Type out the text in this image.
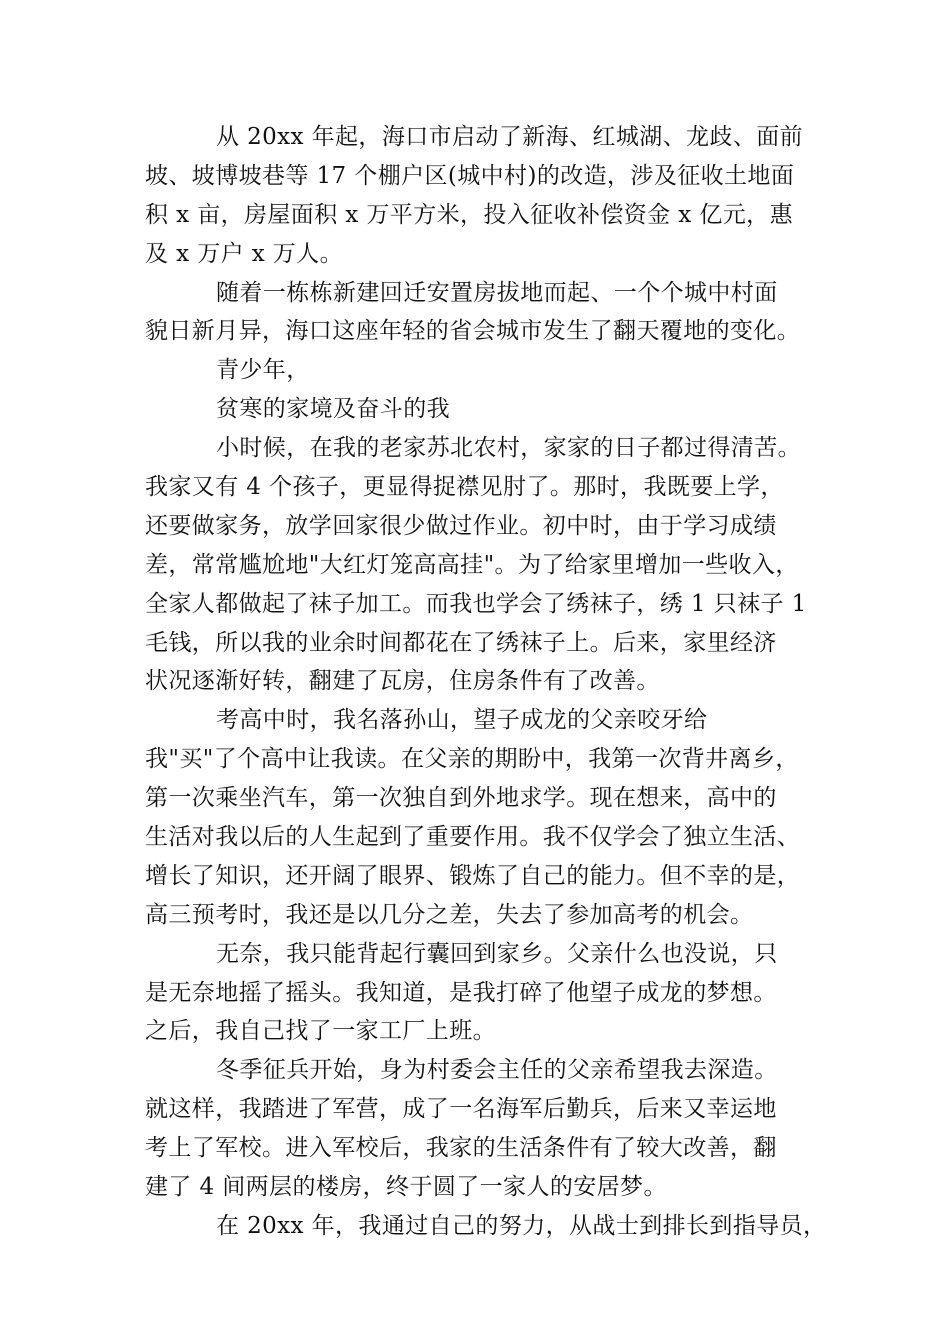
从 20xx 年起，海口市启动了新海、红城湖、龙歧、面前
坡、坡博坡巷等 17 个棚户区(城中村)的改造，涉及征收土地面
积 x 亩，房屋面积 x 万平方米，投入征收补偿资金 x 亿元，惠
及 x 万户 x 万人。
随着一栋栋新建回迁安置房拔地而起、一个个城中村面
貌日新月异，海口这座年轻的省会城市发生了翻天覆地的变化。
青少年，
贫寒的家境及奋斗的我
小时候，在我的老家苏北农村，家家的日子都过得清苦。
我家又有 4 个孩子，更显得捉襟见肘了。那时，我既要上学，
还要做家务，放学回家很少做过作业。初中时，由于学习成绩
差，常常尴尬地"大红灯笼高高挂"。为了给家里增加一些收入，
全家人都做起了袜子加工。而我也学会了绣袜子，绣 1 只袜子 1
毛钱，所以我的业余时间都花在了绣袜子上。后来，家里经济
状况逐渐好转，翻建了瓦房，住房条件有了改善。
考高中时，我名落孙山，望子成龙的父亲咬牙给
我"买"了个高中让我读。在父亲的期盼中，我第一次背井离乡，
第一次乘坐汽车，第一次独自到外地求学。现在想来，高中的
生活对我以后的人生起到了重要作用。我不仅学会了独立生活、
增长了知识，还开阔了眼界、锻炼了自己的能力。但不幸的是，
高三预考时，我还是以几分之差，失去了参加高考的机会。
无奈，我只能背起行囊回到家乡。父亲什么也没说，只
是无奈地摇了摇头。我知道，是我打碎了他望子成龙的梦想。
之后，我自己找了一家工厂上班。
冬季征兵开始，身为村委会主任的父亲希望我去深造。
就这样，我踏进了军营，成了一名海军后勤兵，后来又幸运地
考上了军校。进入军校后，我家的生活条件有了较大改善，翻
建了 4 间两层的楼房，终于圆了一家人的安居梦。
在 20xx 年，我通过自己的努力，从战士到排长到指导员，
